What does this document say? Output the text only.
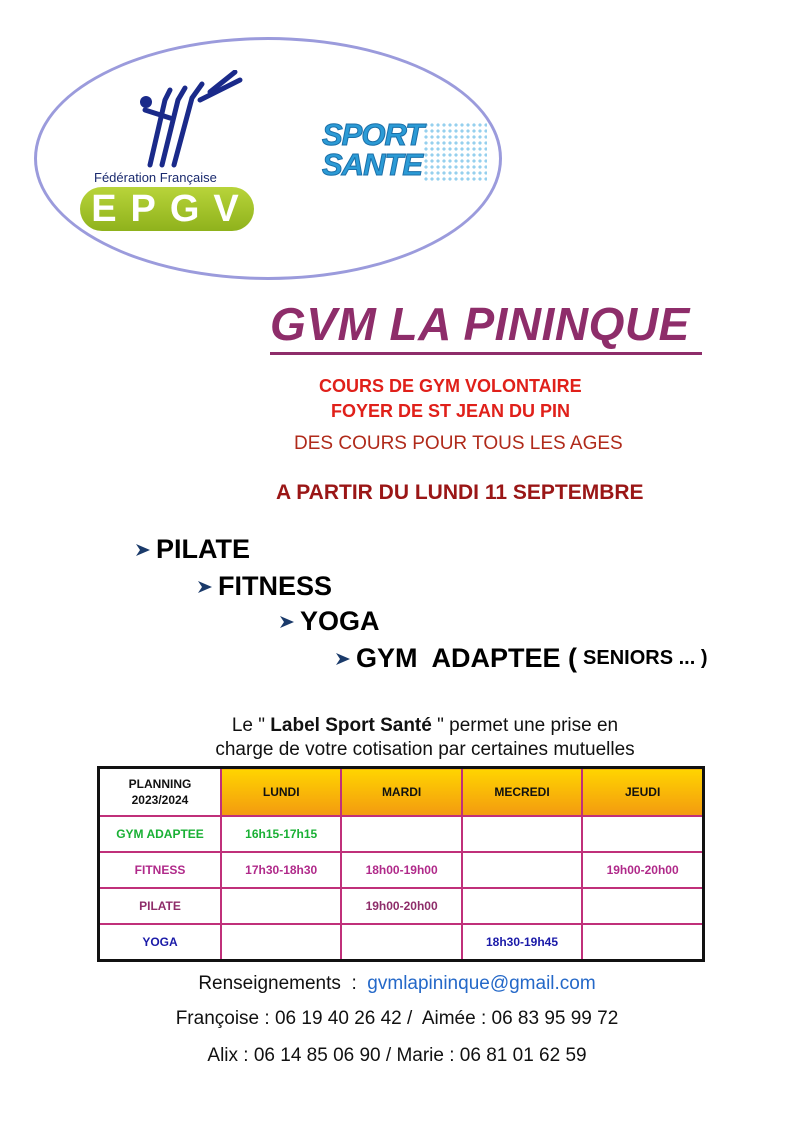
Fédération Française
EPGV
SPORT
SANTE
GVM LA PININQUE
COURS DE GYM VOLONTAIRE
FOYER DE ST JEAN DU PIN
DES COURS POUR TOUS LES AGES
A PARTIR DU LUNDI 11 SEPTEMBRE
PILATE
FITNESS
YOGA
GYM  ADAPTEE ( SENIORS ... )
Le " Label Sport Santé " permet une prise en
charge de votre cotisation par certaines mutuelles
PLANNING
2023/2024	LUNDI	MARDI	MECREDI	JEUDI
GYM ADAPTEE	16h15-17h15			
FITNESS	17h30-18h30	18h00-19h00		19h00-20h00
PILATE		19h00-20h00		
YOGA			18h30-19h45	
Renseignements  :  gvmlapininque@gmail.com
Françoise : 06 19 40 26 42 /  Aimée : 06 83 95 99 72
Alix : 06 14 85 06 90 / Marie : 06 81 01 62 59
